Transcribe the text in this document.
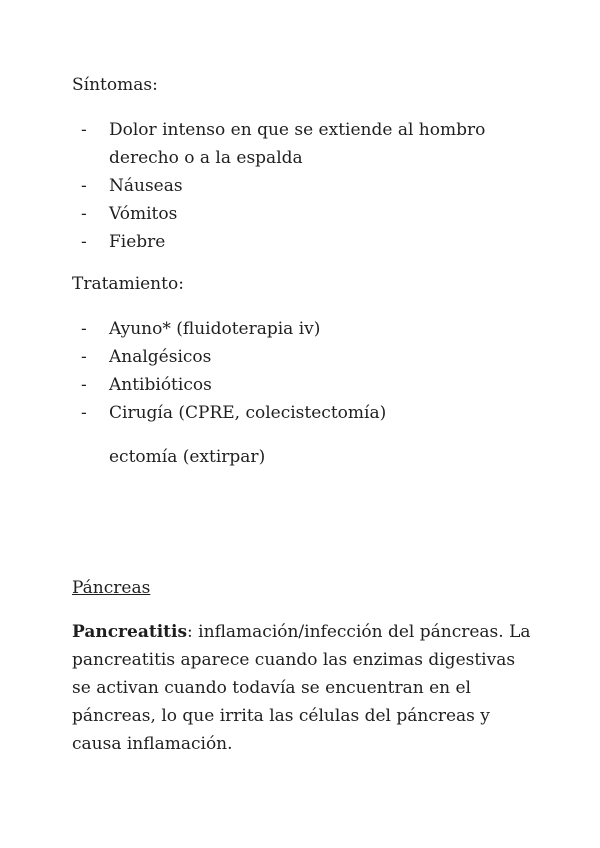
Síntomas:

- Dolor intenso en que se extiende al hombro derecho o a la espalda
- Náuseas
- Vómitos
- Fiebre

Tratamiento:

- Ayuno* (fluidoterapia iv)
- Analgésicos
- Antibióticos
- Cirugía (CPRE, colecistectomía)

ectomía (extirpar)

Páncreas

Pancreatitis: inflamación/infección del páncreas. La pancreatitis aparece cuando las enzimas digestivas se activan cuando todavía se encuentran en el páncreas, lo que irrita las células del páncreas y causa inflamación.
